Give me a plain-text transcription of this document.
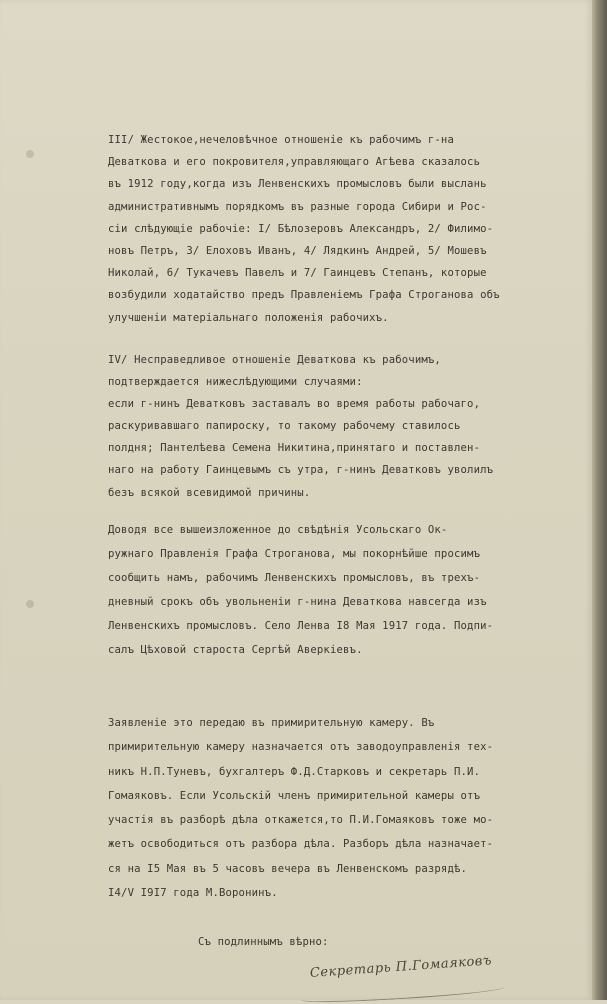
III/ Жестокое,нечеловѣчное отношеніе къ рабочимъ г-на
Деваткова и его покровителя,управляющаго Агѣева сказалось
въ 1912 году,когда изъ Ленвенскихъ промысловъ были выслань
административнымъ порядкомъ въ разные города Сибири и Рос-
сіи слѣдующіе рабочіе: I/ Бѣлозеровъ Александръ, 2/ Филимо-
новъ Петръ, 3/ Елоховъ Иванъ, 4/ Лядкинъ Андрей, 5/ Мошевъ
Николай, 6/ Тукачевъ Павелъ и 7/ Гаинцевъ Степанъ, которые
возбудили ходатайство предъ Правленіемъ Графа Строганова объ
улучшеніи матеріальнаго положенія рабочихъ.
IV/ Несправедливое отношеніе Деваткова къ рабочимъ,
подтверждается нижеслѣдующими случаями:
если г-нинъ Деватковъ заставалъ во время работы рабочаго,
раскуривавшаго папироску, то такому рабочему ставилось
полдня; Пантелѣева Семена Никитина,принятаго и поставлен-
наго на работу Гаинцевымъ съ утра, г-нинъ Деватковъ уволилъ
безъ всякой всевидимой причины.
Доводя все вышеизложенное до свѣдѣнія Усольскаго Ок-
ружнаго Правленія Графа Строганова, мы покорнѣйше просимъ
сообщить намъ, рабочимъ Ленвенскихъ промысловъ, въ трехъ-
дневный срокъ объ увольненіи г-нина Деваткова навсегда изъ
Ленвенскихъ промысловъ. Село Ленва I8 Мая 1917 года. Подпи-
салъ Цѣховой староста Сергѣй Аверкіевъ.
Заявленіе это передаю въ примирительную камеру. Въ
примирительную камеру назначается отъ заводоуправленія тех-
никъ Н.П.Туневъ, бухгалтеръ Ф.Д.Старковъ и секретарь П.И.
Гомаяковъ. Если Усольскій членъ примирительной камеры отъ
участія въ разборѣ дѣла откажется,то П.И.Гомаяковъ тоже мо-
жетъ освободиться отъ разбора дѣла. Разборъ дѣла назначает-
ся на I5 Мая въ 5 часовъ вечера въ Ленвенскомъ разрядѣ.
I4/V I9I7 года М.Воронинъ.
Съ подлиннымъ вѣрно:
Секретарь П.Гомаяковъ
